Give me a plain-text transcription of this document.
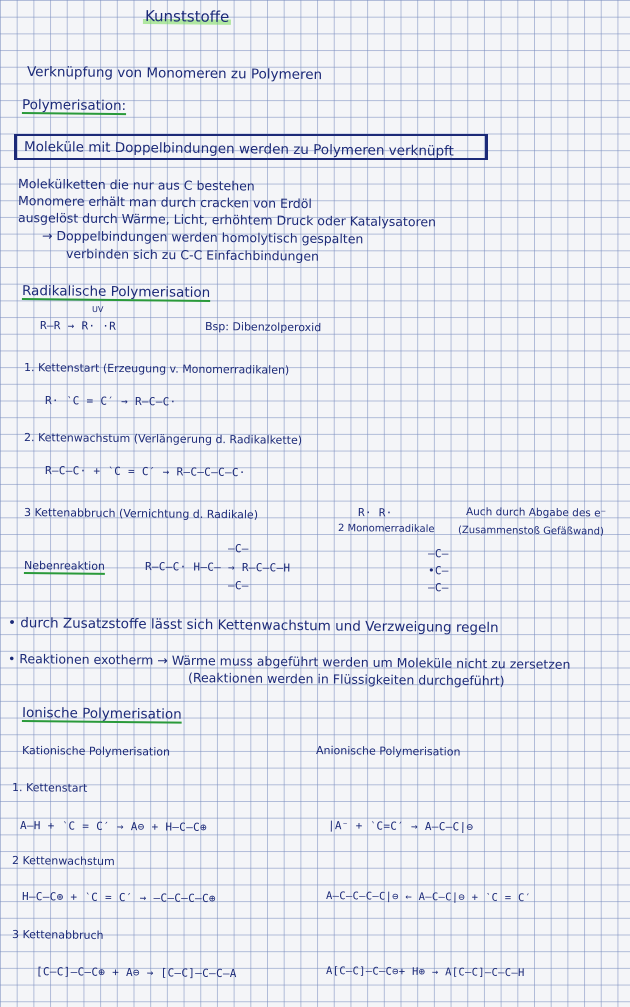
Kunststoffe
Verknüpfung von Monomeren zu Polymeren
Polymerisation:
Moleküle mit Doppelbindungen werden zu Polymeren verknüpft
Molekülketten die nur aus C bestehen
Monomere erhält man durch cracken von Erdöl
ausgelöst durch Wärme, Licht, erhöhtem Druck oder Katalysatoren
→ Doppelbindungen werden homolytisch gespalten
verbinden sich zu C-C Einfachbindungen
Radikalische Polymerisation
UV
R–R → R· ·R	Bsp: Dibenzolperoxid
1. Kettenstart (Erzeugung v. Monomerradikalen)
R· ‵C = C′ → R–C–C·
2. Kettenwachstum (Verlängerung d. Radikalkette)
R–C–C· + ‵C = C′ → R–C–C–C–C·
3 Kettenabbruch (Vernichtung d. Radikale)	R· R·
2 Monomerradikale
Auch durch Abgabe des e⁻
(Zusammenstoß Gefäßwand)
Nebenreaktion
–C–
R–C–C· H–C– → R–C–C–H
–C–
–C–
•C–
–C–
• durch Zusatzstoffe lässt sich Kettenwachstum und Verzweigung regeln
• Reaktionen exotherm → Wärme muss abgeführt werden um Moleküle nicht zu zersetzen
(Reaktionen werden in Flüssigkeiten durchgeführt)
Ionische Polymerisation
Kationische Polymerisation	Anionische Polymerisation
1. Kettenstart
A–H + ‵C = C′ → A⊖ + H–C–C⊕	|A⁻ + ‵C=C′ → A–C–C|⊖
2 Kettenwachstum
H–C–C⊕ + ‵C = C′ → –C–C–C–C⊕	A–C–C–C–C|⊖ ← A–C–C|⊖ + ‵C = C′
3 Kettenabbruch
[C–C]–C–C⊕ + A⊖ → [C–C]–C–C–A	A[C–C]–C–C⊖+ H⊕ → A[C–C]–C–C–H
